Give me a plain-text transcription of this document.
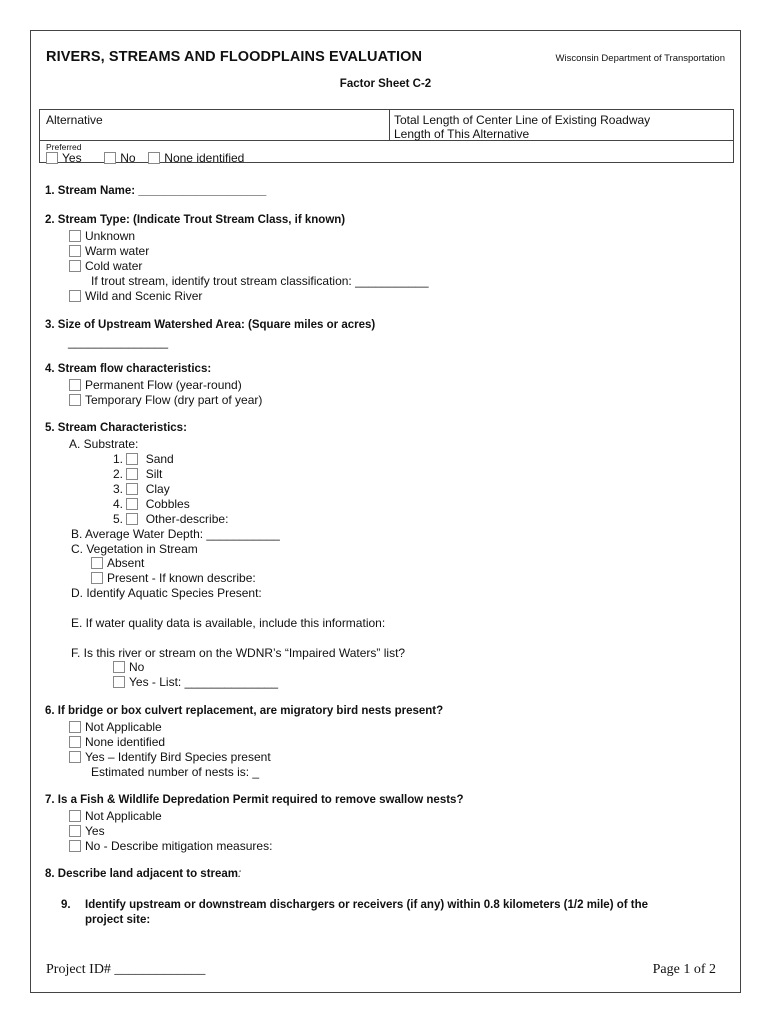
RIVERS, STREAMS AND FLOODPLAINS EVALUATION	Wisconsin Department of Transportation
Factor Sheet C-2
Alternative	Total Length of Center Line of Existing Roadway
Length of This Alternative
Preferred
Yes	No None identified
1. Stream Name: ____________________
2. Stream Type: (Indicate Trout Stream Class, if known)
Unknown
Warm water
Cold water
If trout stream, identify trout stream classification: ___________
Wild and Scenic River
3. Size of Upstream Watershed Area: (Square miles or acres)
_______________
4. Stream flow characteristics:
Permanent Flow (year-round)
Temporary Flow (dry part of year)
5. Stream Characteristics:
A. Substrate:
1. Sand
2. Silt
3. Clay
4. Cobbles
5. Other-describe:
B. Average Water Depth: ___________
C. Vegetation in Stream
Absent
Present - If known describe:
D. Identify Aquatic Species Present:
E. If water quality data is available, include this information:
F. Is this river or stream on the WDNR’s “Impaired Waters” list?
No
Yes - List: ______________
6. If bridge or box culvert replacement, are migratory bird nests present?
Not Applicable
None identified
Yes – Identify Bird Species present
Estimated number of nests is: _
7. Is a Fish & Wildlife Depredation Permit required to remove swallow nests?
Not Applicable
Yes
No - Describe mitigation measures:
8. Describe land adjacent to stream:
9. Identify upstream or downstream dischargers or receivers (if any) within 0.8 kilometers (1/2 mile) of the
project site:
Project ID# _____________	Page 1 of 2
